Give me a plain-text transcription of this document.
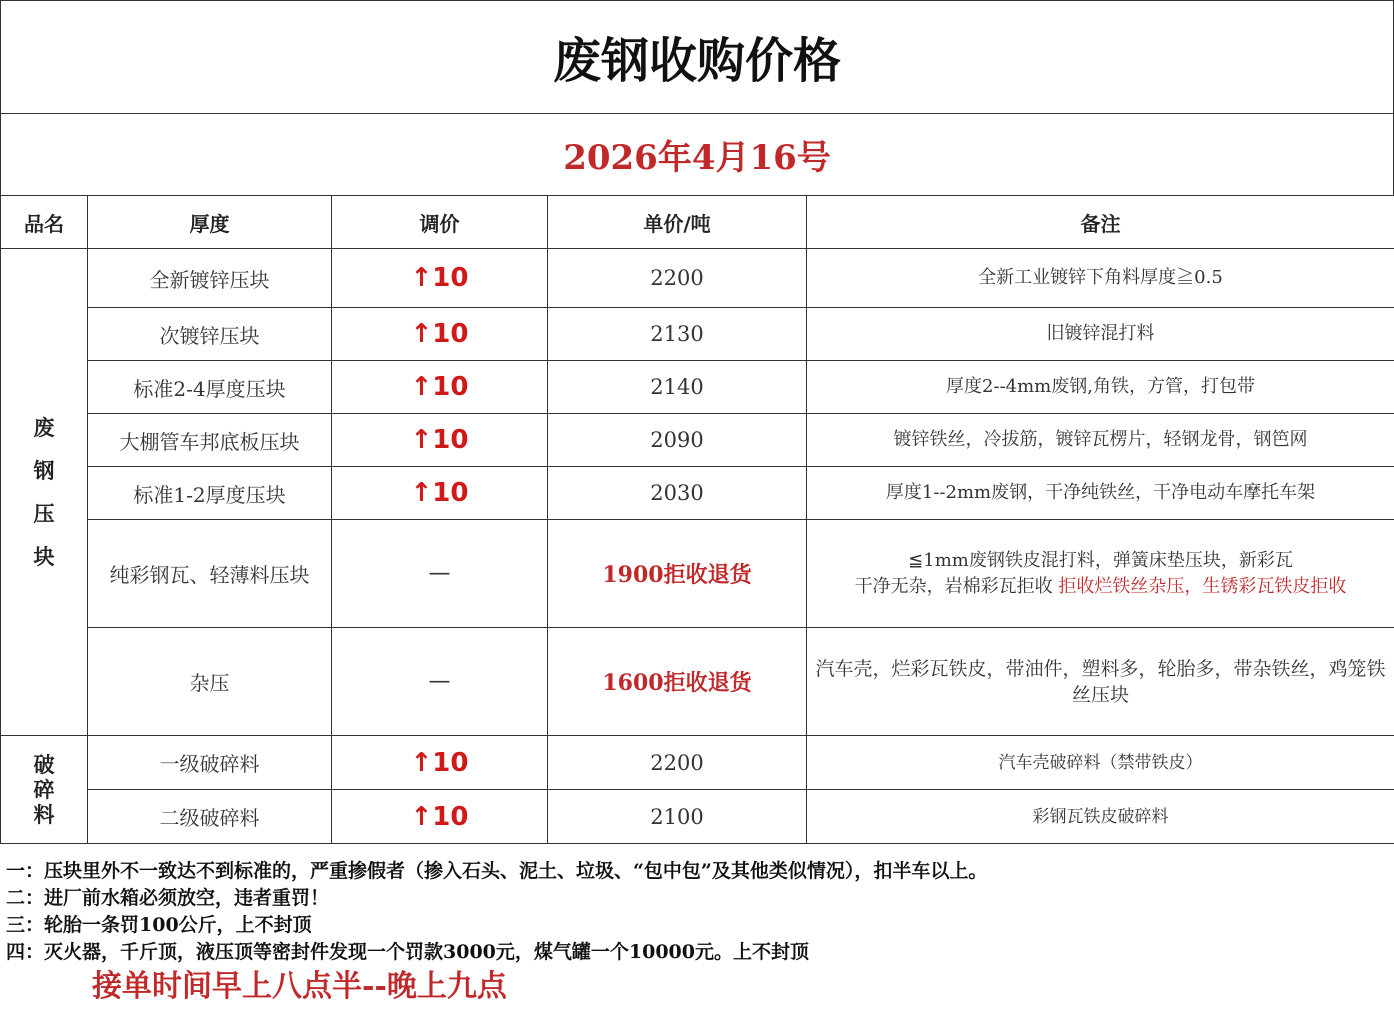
废钢收购价格
2026年4月16号
品名	厚度	调价	单价/吨	备注

废
钢
压
块	全新镀锌压块	↑10	2200	全新工业镀锌下角料厚度≧0.5
	次镀锌压块	↑10	2130	旧镀锌混打料
	标准2-4厚度压块	↑10	2140	厚度2--4mm废钢,角铁，方管，打包带
	大棚管车邦底板压块	↑10	2090	镀锌铁丝，冷拔筋，镀锌瓦楞片，轻钢龙骨，钢笆网
	标准1-2厚度压块	↑10	2030	厚度1--2mm废钢，干净纯铁丝，干净电动车摩托车架
	纯彩钢瓦、轻薄料压块	—	1900拒收退货	≦1mm废钢铁皮混打料，弹簧床垫压块，新彩瓦
干净无杂，岩棉彩瓦拒收 拒收烂铁丝杂压，生锈彩瓦铁皮拒收

	杂压	—	1600拒收退货	汽车壳，烂彩瓦铁皮，带油件，塑料多，轮胎多，带杂铁丝，鸡笼铁丝压块

破
碎
料	一级破碎料	↑10	2200	汽车壳破碎料（禁带铁皮）
	二级破碎料	↑10	2100	彩钢瓦铁皮破碎料
一：压块里外不一致达不到标准的，严重掺假者（掺入石头、泥土、垃圾、“包中包”及其他类似情况），扣半车以上。
二：进厂前水箱必须放空，违者重罚！
三：轮胎一条罚100公斤，上不封顶
四：灭火器，千斤顶，液压顶等密封件发现一个罚款3000元，煤气罐一个10000元。上不封顶
接单时间早上八点半--晚上九点
